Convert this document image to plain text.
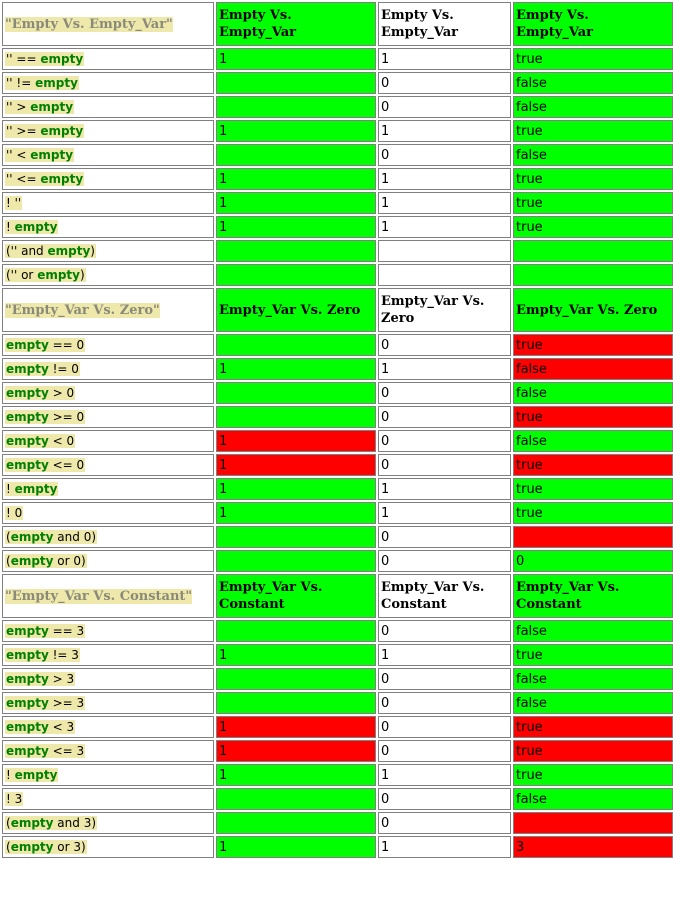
"Empty Vs. Empty_Var"	Empty Vs. Empty_Var	Empty Vs. Empty_Var	Empty Vs. Empty_Var
'' == empty	1	1	true
'' != empty		0	false
'' > empty		0	false
'' >= empty	1	1	true
'' < empty		0	false
'' <= empty	1	1	true
! ''	1	1	true
! empty	1	1	true
('' and empty)			
('' or empty)			
"Empty_Var Vs. Zero"	Empty_Var Vs. Zero	Empty_Var Vs. Zero	Empty_Var Vs. Zero
empty == 0		0	true
empty != 0	1	1	false
empty > 0		0	false
empty >= 0		0	true
empty < 0	1	0	false
empty <= 0	1	0	true
! empty	1	1	true
! 0	1	1	true
(empty and 0)		0	
(empty or 0)		0	0
"Empty_Var Vs. Constant"	Empty_Var Vs. Constant	Empty_Var Vs. Constant	Empty_Var Vs. Constant
empty == 3		0	false
empty != 3	1	1	true
empty > 3		0	false
empty >= 3		0	false
empty < 3	1	0	true
empty <= 3	1	0	true
! empty	1	1	true
! 3		0	false
(empty and 3)		0	
(empty or 3)	1	1	3
